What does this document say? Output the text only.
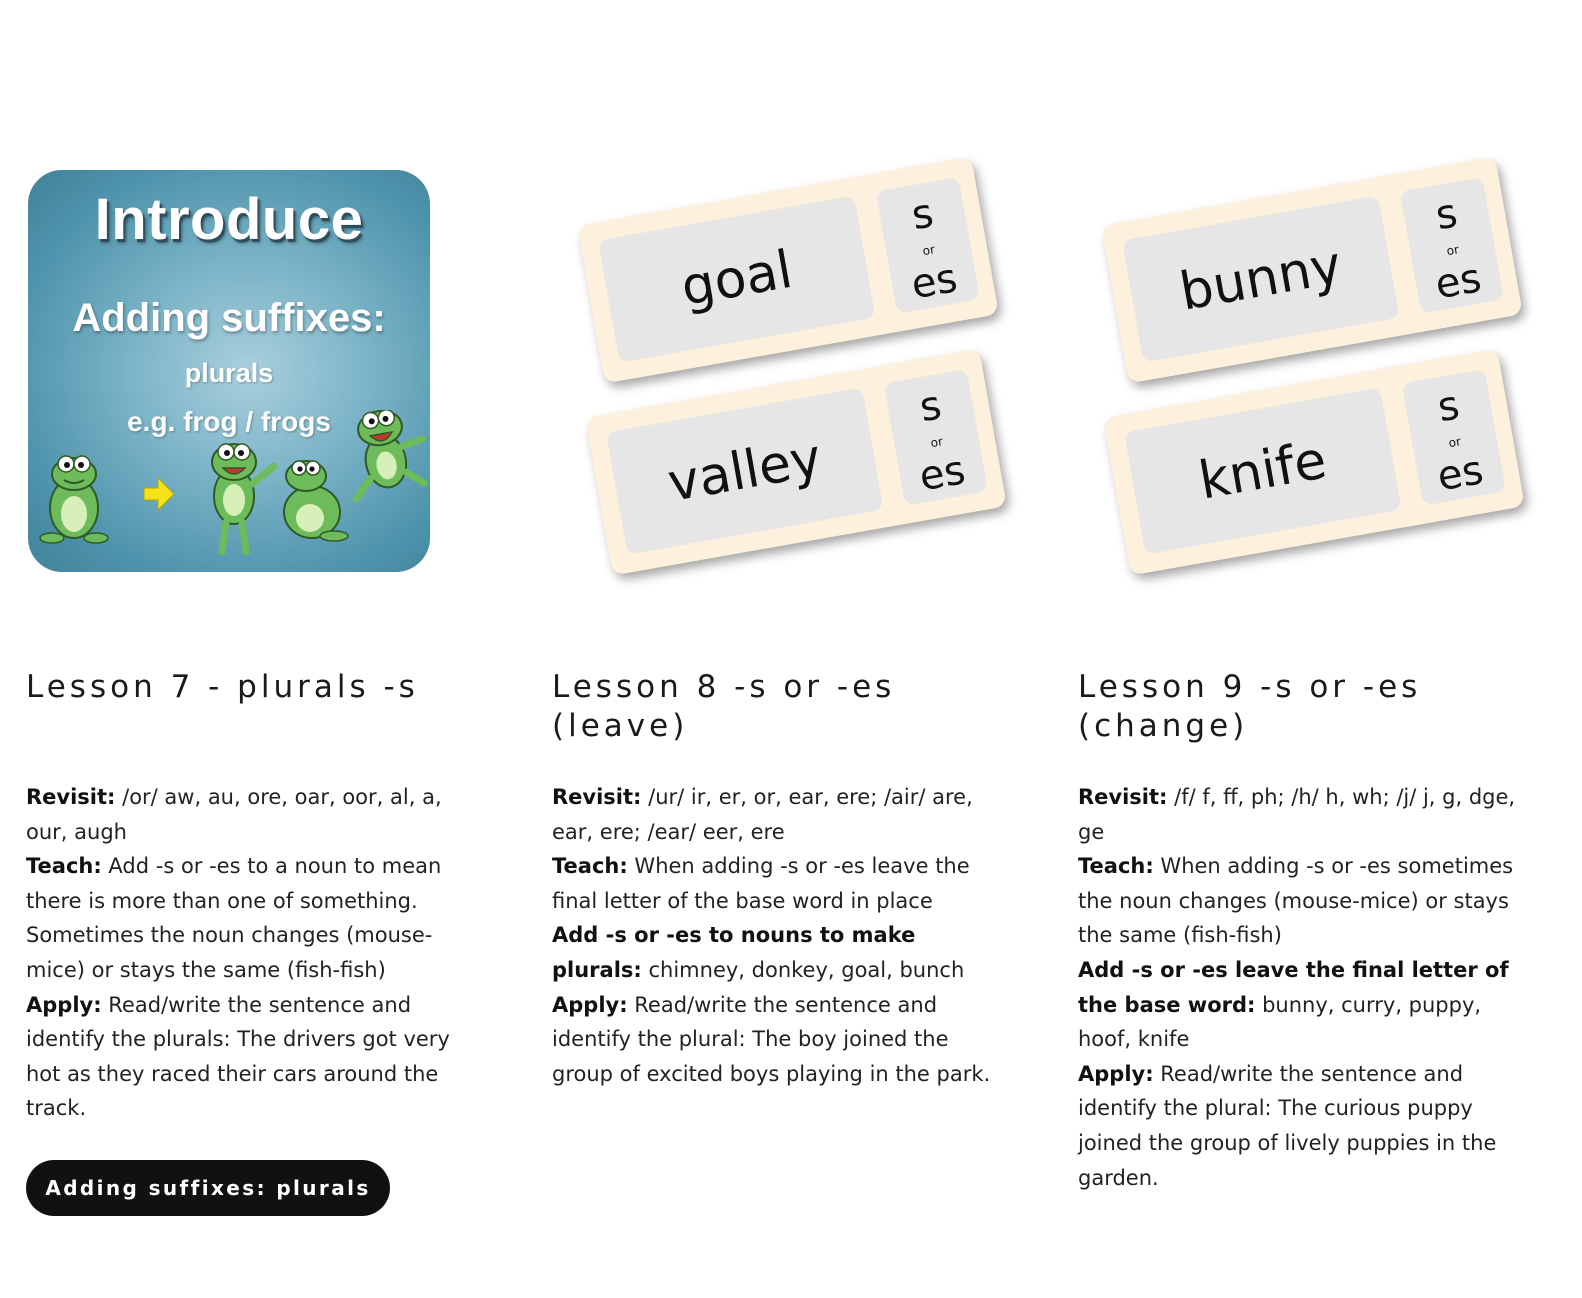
Introduce
Adding suffixes:
plurals
e.g. frog / frogs
goal
s
or
es
valley
s
or
es
bunny
s
or
es
knife
s
or
es
Lesson 7 - plurals -s	Lesson 8 -s or -es (leave)
Lesson 9 -s or -es (change)

Revisit: /or/ aw, au, ore, oar, oor, al, a, our, augh

Teach: Add -s or -es to a noun to mean there is more than one of something. Sometimes the noun changes (mouse-mice) or stays the same (fish-fish)

Apply: Read/write the sentence and identify the plurals: The drivers got very hot as they raced their cars around the track.

Revisit: /ur/ ir, er, or, ear, ere; /air/ are, ear, ere; /ear/ eer, ere

Teach: When adding -s or -es leave the final letter of the base word in place

Add -s or -es to nouns to make plurals: chimney, donkey, goal, bunch

Apply: Read/write the sentence and identify the plural: The boy joined the group of excited boys playing in the park.

Revisit: /f/ f, ff, ph; /h/ h, wh; /j/ j, g, dge, ge

Teach: When adding -s or -es sometimes the noun changes (mouse-mice) or stays the same (fish-fish)

Add -s or -es leave the final letter of the base word: bunny, curry, puppy, hoof, knife

Apply: Read/write the sentence and identify the plural: The curious puppy joined the group of lively puppies in the garden.

Adding suffixes: plurals
